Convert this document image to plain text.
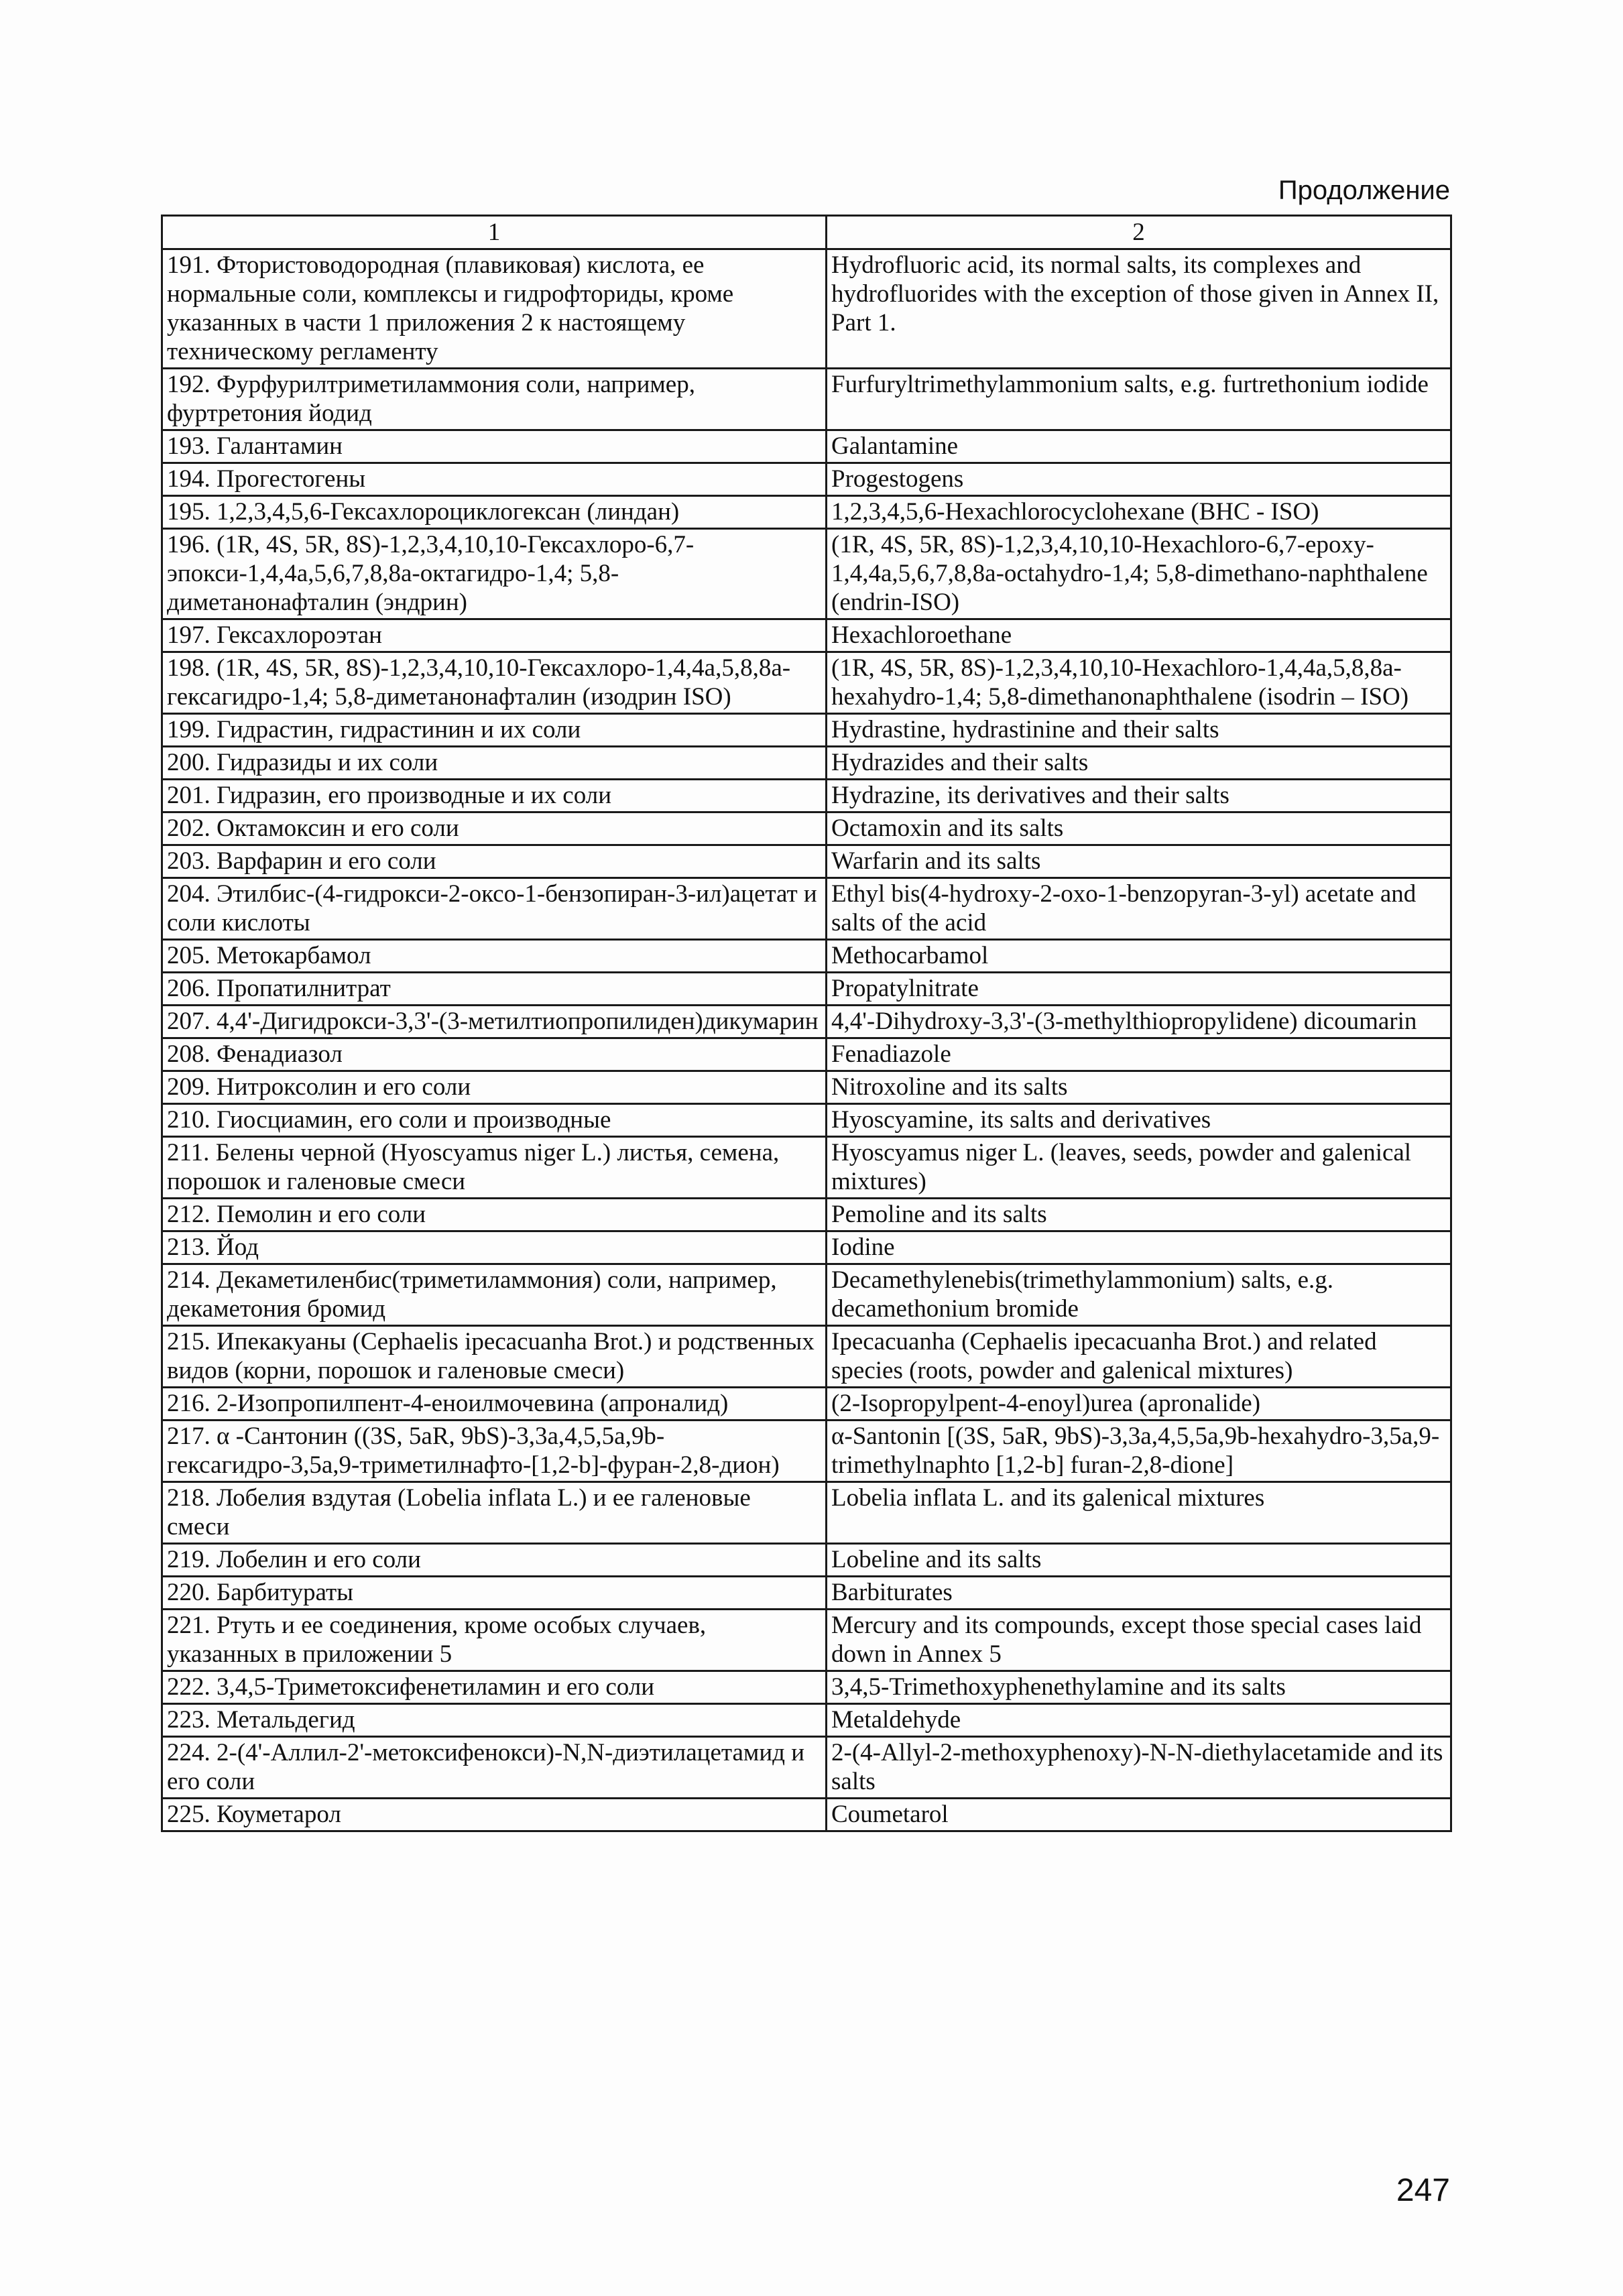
Продолжение
1	2
191. Фтористоводородная (плавиковая) кислота, ее нормальные соли, комплексы и гидрофториды, кроме указанных в части 1 приложения 2 к настоящему техническому регламенту	Hydrofluoric acid, its normal salts, its complexes and hydrofluorides with the exception of those given in Annex II, Part 1.
192. Фурфурилтриметиламмония соли, например, фуртретония йодид	Furfuryltrimethylammonium salts, e.g. furtrethonium iodide
193. Галантамин	Galantamine
194. Прогестогены	Progestogens
195. 1,2,3,4,5,6-Гексахлороциклогексан (линдан)	1,2,3,4,5,6-Hexachlorocyclohexane (BHC - ISO)
196. (1R, 4S, 5R, 8S)-1,2,3,4,10,10-Гексахлоро-6,7-эпокси-1,4,4a,5,6,7,8,8a-октагидро-1,4; 5,8-диметанонафталин (эндрин)	(1R, 4S, 5R, 8S)-1,2,3,4,10,10-Hexachloro-6,7-epoxy-1,4,4a,5,6,7,8,8a-octahydro-1,4; 5,8-dimethano-naphthalene (endrin-ISO)
197. Гексахлороэтан	Hexachloroethane
198. (1R, 4S, 5R, 8S)-1,2,3,4,10,10-Гексахлоро-1,4,4a,5,8,8a-гексагидро-1,4; 5,8-диметанонафталин (изодрин ISO)	(1R, 4S, 5R, 8S)-1,2,3,4,10,10-Hexachloro-1,4,4a,5,8,8a-hexahydro-1,4; 5,8-dimethanonaphthalene (isodrin – ISO)
199. Гидрастин, гидрастинин и их соли	Hydrastine, hydrastinine and their salts
200. Гидразиды и их соли	Hydrazides and their salts
201. Гидразин, его производные и их соли	Hydrazine, its derivatives and their salts
202. Октамоксин и его соли	Octamoxin and its salts
203. Варфарин и его соли	Warfarin and its salts
204. Этилбис-(4-гидрокси-2-оксо-1-бензопиран-3-ил)ацетат и соли кислоты	Ethyl bis(4-hydroxy-2-oxo-1-benzopyran-3-yl) acetate and salts of the acid
205. Метокарбамол	Methocarbamol
206. Пропатилнитрат	Propatylnitrate
207. 4,4'-Дигидрокси-3,3'-(3-метилтиопропилиден)дикумарин	4,4'-Dihydroxy-3,3'-(3-methylthiopropylidene) dicoumarin
208. Фенадиазол	Fenadiazole
209. Нитроксолин и его соли	Nitroxoline and its salts
210. Гиосциамин, его соли и производные	Hyoscyamine, its salts and derivatives
211. Белены черной (Hyoscyamus niger L.) листья, семена, порошок и галеновые смеси	Hyoscyamus niger L. (leaves, seeds, powder and galenical mixtures)
212. Пемолин и его соли	Pemoline and its salts
213. Йод	Iodine
214. Декаметиленбис(триметиламмония) соли, например, декаметония бромид	Decamethylenebis(trimethylammonium) salts, e.g. decamethonium bromide
215. Ипекакуаны (Cephaelis ipecacuanha Brot.) и родственных видов (корни, порошок и галеновые смеси)	Ipecacuanha (Cephaelis ipecacuanha Brot.) and related species (roots, powder and galenical mixtures)
216. 2-Изопропилпент-4-еноилмочевина (апроналид)	(2-Isopropylpent-4-enoyl)urea (apronalide)
217. α -Сантонин ((3S, 5aR, 9bS)-3,3a,4,5,5a,9b-гексагидро-3,5a,9-триметилнафто-[1,2-b]-фуран-2,8-дион)	α-Santonin [(3S, 5aR, 9bS)-3,3a,4,5,5a,9b-hexahydro-3,5a,9-trimethylnaphto [1,2-b] furan-2,8-dione]
218. Лобелия вздутая (Lobelia inflata L.) и ее галеновые смеси	Lobelia inflata L. and its galenical mixtures
219. Лобелин и его соли	Lobeline and its salts
220. Барбитураты	Barbiturates
221. Ртуть и ее соединения, кроме особых случаев, указанных в приложении 5	Mercury and its compounds, except those special cases laid down in Annex 5
222. 3,4,5-Триметоксифенетиламин и его соли	3,4,5-Trimethoxyphenethylamine and its salts
223. Метальдегид	Metaldehyde
224. 2-(4'-Аллил-2'-метоксифенокси)-N,N-диэтилацетамид и его соли	2-(4-Allyl-2-methoxyphenoxy)-N-N-diethylacetamide and its salts
225. Коуметарол	Coumetarol
247
